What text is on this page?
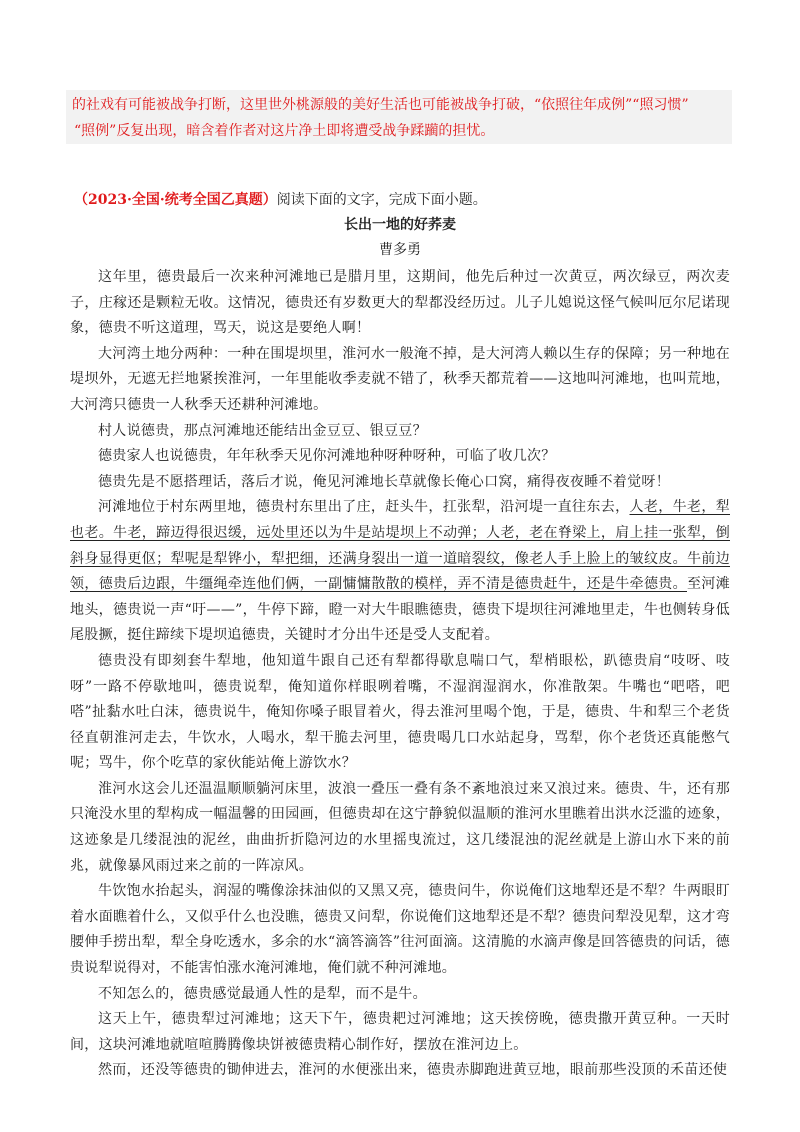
的社戏有可能被战争打断，这里世外桃源般的美好生活也可能被战争打破，“依照往年成例”“照习惯”

“照例”反复出现，暗含着作者对这片净土即将遭受战争蹂躏的担忧。

（2023·全国·统考全国乙真题）阅读下面的文字，完成下面小题。
长出一地的好荞麦
曹多勇

这年里，德贵最后一次来种河滩地已是腊月里，这期间，他先后种过一次黄豆，两次绿豆，两次麦子，庄稼还是颗粒无收。这情况，德贵还有岁数更大的犁都没经历过。儿子儿媳说这怪气候叫厄尔尼诺现象，德贵不听这道理，骂天，说这是要绝人啊！

大河湾土地分两种：一种在围堤坝里，淮河水一般淹不掉，是大河湾人赖以生存的保障；另一种地在堤坝外，无遮无拦地紧挨淮河，一年里能收季麦就不错了，秋季天都荒着——这地叫河滩地，也叫荒地，大河湾只德贵一人秋季天还耕种河滩地。

村人说德贵，那点河滩地还能结出金豆豆、银豆豆？

德贵家人也说德贵，年年秋季天见你河滩地种呀种呀种，可临了收几次？

德贵先是不愿搭理话，落后才说，俺见河滩地长草就像长俺心口窝，痛得夜夜睡不着觉呀！

河滩地位于村东两里地，德贵村东里出了庄，赶头牛，扛张犁，沿河堤一直往东去，人老，牛老，犁也老。牛老，蹄迈得很迟缓，远处里还以为牛是站堤坝上不动弹；人老，老在脊梁上，肩上挂一张犁，倒斜身显得更伛；犁呢是犁铧小，犁把细，还满身裂出一道一道暗裂纹，像老人手上脸上的皱纹皮。牛前边领，德贵后边跟，牛缰绳牵连他们俩，一副慵慵散散的模样，弄不清是德贵赶牛，还是牛牵德贵。至河滩地头，德贵说一声“吁——”，牛停下蹄，瞪一对大牛眼瞧德贵，德贵下堤坝往河滩地里走，牛也侧转身低尾股撅，挺住蹄续下堤坝追德贵，关键时才分出牛还是受人支配着。

德贵没有即刻套牛犁地，他知道牛跟自己还有犁都得歇息喘口气，犁梢眼松，趴德贵肩“吱呀、吱呀”一路不停歇地叫，德贵说犁，俺知道你样眼咧着嘴，不湿润湿润水，你准散架。牛嘴也“吧嗒，吧嗒”扯黏水吐白沫，德贵说牛，俺知你嗓子眼冒着火，得去淮河里喝个饱，于是，德贵、牛和犁三个老货径直朝淮河走去，牛饮水，人喝水，犁干脆去河里，德贵喝几口水站起身，骂犁，你个老货还真能憋气呢；骂牛，你个吃草的家伙能站俺上游饮水？

淮河水这会儿还温温顺顺躺河床里，波浪一叠压一叠有条不紊地浪过来又浪过来。德贵、牛，还有那只淹没水里的犁构成一幅温馨的田园画，但德贵却在这宁静貌似温顺的淮河水里瞧着出洪水泛滥的迹象，这迹象是几缕混浊的泥丝，曲曲折折隐河边的水里摇曳流过，这几缕混浊的泥丝就是上游山水下来的前兆，就像暴风雨过来之前的一阵凉风。

牛饮饱水抬起头，润湿的嘴像涂抹油似的又黑又亮，德贵问牛，你说俺们这地犁还是不犁？牛两眼盯着水面瞧着什么，又似乎什么也没瞧，德贵又问犁，你说俺们这地犁还是不犁？德贵问犁没见犁，这才弯腰伸手捞出犁，犁全身吃透水，多余的水“滴答滴答”往河面滴。这清脆的水滴声像是回答德贵的问话，德贵说犁说得对，不能害怕涨水淹河滩地，俺们就不种河滩地。

不知怎么的，德贵感觉最通人性的是犁，而不是牛。

这天上午，德贵犁过河滩地；这天下午，德贵耙过河滩地；这天挨傍晚，德贵撒开黄豆种。一天时间，这块河滩地就喧喧腾腾像块饼被德贵精心制作好，摆放在淮河边上。

然而，还没等德贵的锄伸进去，淮河的水便涨出来，德贵赤脚跑进黄豆地，眼前那些没顶的禾苗还使
